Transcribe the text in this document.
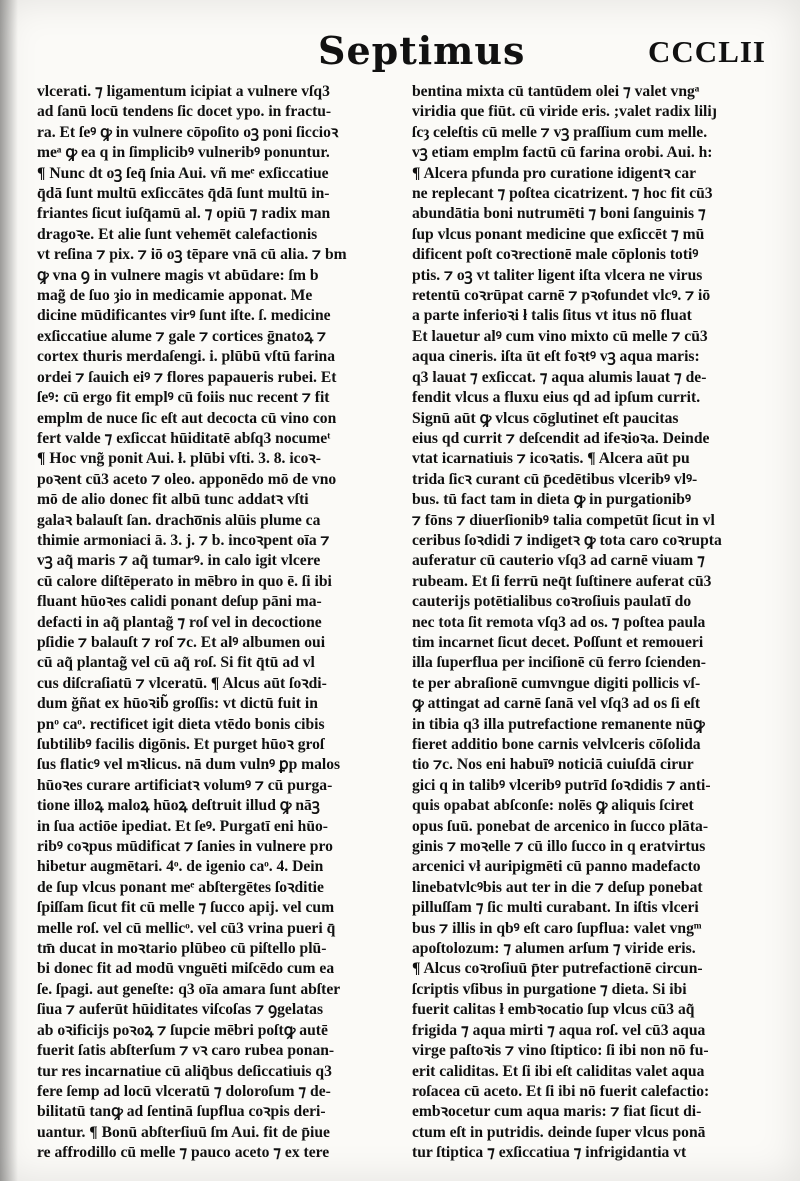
Septimus	CCCLII
vlcerati. ⁊ ligamentum icipiat a vulnere vſq3
ad ſanū locū tendens ſic docet ypo. in fractu-
ra. Et ſeꝰ ꝙ in vulnere cōpoſito oꝫ poni ſiccioꝛ
meᵃ ꝙ ea q in ſimplicibꝰ vulneribꝰ ponuntur.
¶ Nunc dt oꝫ ſeq̄ ſnia Aui. vñ meᵉ exſiccatiue
q̄dā ſunt multū exſiccātes q̄dā ſunt multū in-
friantes ſicut iuſq̄amū al. ⁊ opiū ⁊ radix man
dragoꝛe. Et alie ſunt vehemēt calefactionis
vt reſina ⁊ pix. ⁊ iō oꝫ tēpare vnā cū alia. ⁊ bm
ꝙ vna ꝯ in vulnere magis vt abūdare: ſm b
mag̃ de ſuo ȝio in medicamie apponat. Me
dicine mūdificantes virꝰ ſunt iſte. ſ. medicine
exſiccatiue alume ⁊ gale ⁊ cortices ḡnatoꝝ ⁊
cortex thuris merdaſengi. i. plūbū vſtū farina
ordei ⁊ ſauich eiꝰ ⁊ flores papaueris rubei. Et
ſeꝰ: cū ergo fit emplꝰ cū foiis nuc recent ⁊ fit
emplm de nuce ſic eſt aut decocta cū vino con
fert valde ⁊ exſiccat hūiditatē abſq3 nocumeᵗ
¶ Hoc vng̃ ponit Aui. ł. plūbi vſti. 3. 8. icoꝛ-
poꝛent cū3 aceto ⁊ oleo. apponēdo mō de vno
mō de alio donec fit albū tunc addatꝛ vſti
galaꝛ balauſt ſan. dracho̅nis alūis plume ca
thimie armoniaci ā. 3. j. ⁊ b. incoꝛpent oīa ⁊
vꝫ aq̃ maris ⁊ aq̃ tumarꝰ. in calo igit vlcere
cū calore diſtēperato in mēbro in quo ē. ſi ibi
fluant hūoꝛes calidi ponant deſup pāni ma-
defacti in aq̃ plantag̃ ⁊ roſ vel in decoctione
pſidie ⁊ balauſt ⁊ roſ ⁊c. Et alꝰ albumen oui
cū aq̃ plantag̃ vel cū aq̃ roſ. Si fit q̄tū ad vl
cus diſcraſiatū ⁊ vlceratū. ¶ Alcus aūt ſoꝛdi-
dum ğñat ex hūoꝛib̃ groſſis: vt dictū fuit in
pnᵒ caᵒ. rectificet igit dieta vtēdo bonis cibis
ſubtilibꝰ facilis digōnis. Et purget hūoꝛ groſ
ſus flaticꝰ vel mꝛlicus. nā dum vulnꝰ ꝑp malos
hūoꝛes curare artificiatꝛ volumꝰ ⁊ cū purga-
tione illoꝝ maloꝝ hūoꝝ deſtruit illud ꝙ nāꝫ
in ſua actiōe ipediat. Et ſeꝰ. Purgatī eni hūo-
ribꝰ coꝛpus mūdificat ⁊ ſanies in vulnere pro
hibetur augmētari. 4ᵒ. de igenio caᵒ. 4. Dein
de ſup vlcus ponant meᵉ abſtergētes ſoꝛditie
ſpiſſam ſicut fit cū melle ⁊ ſucco apij. vel cum
melle roſ. vel cū mellicᵒ. vel cū3 vrina pueri q̄
tm̄ ducat in moꝛtario plūbeo cū piſtello plū-
bi donec fit ad modū vnguēti miſcēdo cum ea
ſe. ſpagi. aut geneſte: q3 oīa amara ſunt abſter
ſiua ⁊ auferūt hūiditates viſcoſas ⁊ ꝯgelatas
ab oꝛificijs poꝛoꝝ ⁊ ſupcie mēbri poſtꝙ autē
fuerit ſatis abſterſum ⁊ vꝛ caro rubea ponan-
tur res incarnatiue cū aliq̄bus deſiccatiuis q3
fere ſemp ad locū vlceratū ⁊ doloroſum ⁊ de-
bilitatū tanꝙ ad ſentinā ſupflua coꝛpis deri-
uantur. ¶ Bonū abſterſiuū ſm Aui. fit de p̄iue
re affrodillo cū melle ⁊ pauco aceto ⁊ ex tere
bentina mixta cū tantūdem olei ⁊ valet vngᵃ
viridia que fiūt. cū viride eris. ;valet radix liliȷ
ſcȝ celeſtis cū melle ⁊ vꝫ praſſium cum melle.
vꝫ etiam emplm factū cū farina orobi. Aui. h:
¶ Alcera pfunda pro curatione idigentꝛ car
ne replecant ⁊ poſtea cicatrizent. ⁊ hoc fit cū3
abundātia boni nutrumēti ⁊ boni ſanguinis ⁊
ſup vlcus ponant medicine que exſiccēt ⁊ mū
dificent poſt coꝛrectionē male cōplonis totiꝰ
ptis. ⁊ oꝫ vt taliter ligent iſta vlcera ne virus
retentū coꝛrūpat carnē ⁊ pꝛofundet vlcꝰ. ⁊ iō
a parte inferioꝛi ł talis ſitus vt itus nō fluat
Et lauetur alꝰ cum vino mixto cū melle ⁊ cū3
aqua cineris. iſta ūt eſt foꝛtꝰ vꝫ aqua maris:
q3 lauat ⁊ exſiccat. ⁊ aqua alumis lauat ⁊ de-
fendit vlcus a fluxu eius qd ad ipſum currit.
Signū aūt ꝙ vlcus cōglutinet eſt paucitas
eius qd currit ⁊ deſcendit ad ifeꝛioꝛa. Deinde
vtat icarnatiuis ⁊ icoꝛatis. ¶ Alcera aūt pu
trida ſicꝛ curant cū p̄cedētibus vlceribꝰ vlꝰ-
bus. tū fact tam in dieta ꝙ in purgationibꝰ
⁊ fōns ⁊ diuerſionibꝰ talia competūt ſicut in vl
ceribus ſoꝛdidi ⁊ indigetꝛ ꝙ tota caro coꝛrupta
auferatur cū cauterio vſq3 ad carnē viuam ⁊
rubeam. Et ſi ferrū neq̄t ſuſtinere auferat cū3
cauterijs potētialibus coꝛroſiuis paulatī do
nec tota ſit remota vſq3 ad os. ⁊ poſtea paula
tim incarnet ſicut decet. Poſſunt et remoueri
illa ſuperflua per inciſionē cū ferro ſcienden-
te per abraſionē cumvngue digiti pollicis vſ-
ꝙ attingat ad carnē ſanā vel vſq3 ad os ſi eſt
in tibia q3 illa putrefactione remanente nūꝙ
fieret additio bone carnis velvlceris cōſolida
tio ⁊c. Nos eni habuīꝰ noticiā cuiuſdā cirur
gici q in talibꝰ vlceribꝰ putrīd ſoꝛdidis ⁊ anti-
quis opabat abſconſe: nolēs ꝙ aliquis ſciret
opus ſuū. ponebat de arcenico in ſucco plāta-
ginis ⁊ moꝛelle ⁊ cū illo ſucco in q eratvirtus
arcenici vł auripigmēti cū panno madefacto
linebatvlcꝰbis aut ter in die ⁊ deſup ponebat
pilluſſam ⁊ ſic multi curabant. In iſtis vlceri
bus ⁊ illis in qbꝰ eſt caro ſupflua: valet vngᵐ
apoſtolozum: ⁊ alumen arſum ⁊ viride eris.
¶ Alcus coꝛroſiuū p̄ter putrefactionē circun-
ſcriptis vſibus in purgatione ⁊ dieta. Si ibi
fuerit calitas ł embꝛocatio ſup vlcus cū3 aq̃
frigida ⁊ aqua mirti ⁊ aqua roſ. vel cū3 aqua
virge paſtoꝛis ⁊ vino ſtiptico: ſi ibi non nō fu-
erit caliditas. Et ſi ibi eſt caliditas valet aqua
roſacea cū aceto. Et ſi ibi nō fuerit calefactio:
embꝛocetur cum aqua maris: ⁊ fiat ſicut di-
ctum eſt in putridis. deinde ſuper vlcus ponā
tur ſtiptica ⁊ exſiccatiua ⁊ infrigidantia vt
